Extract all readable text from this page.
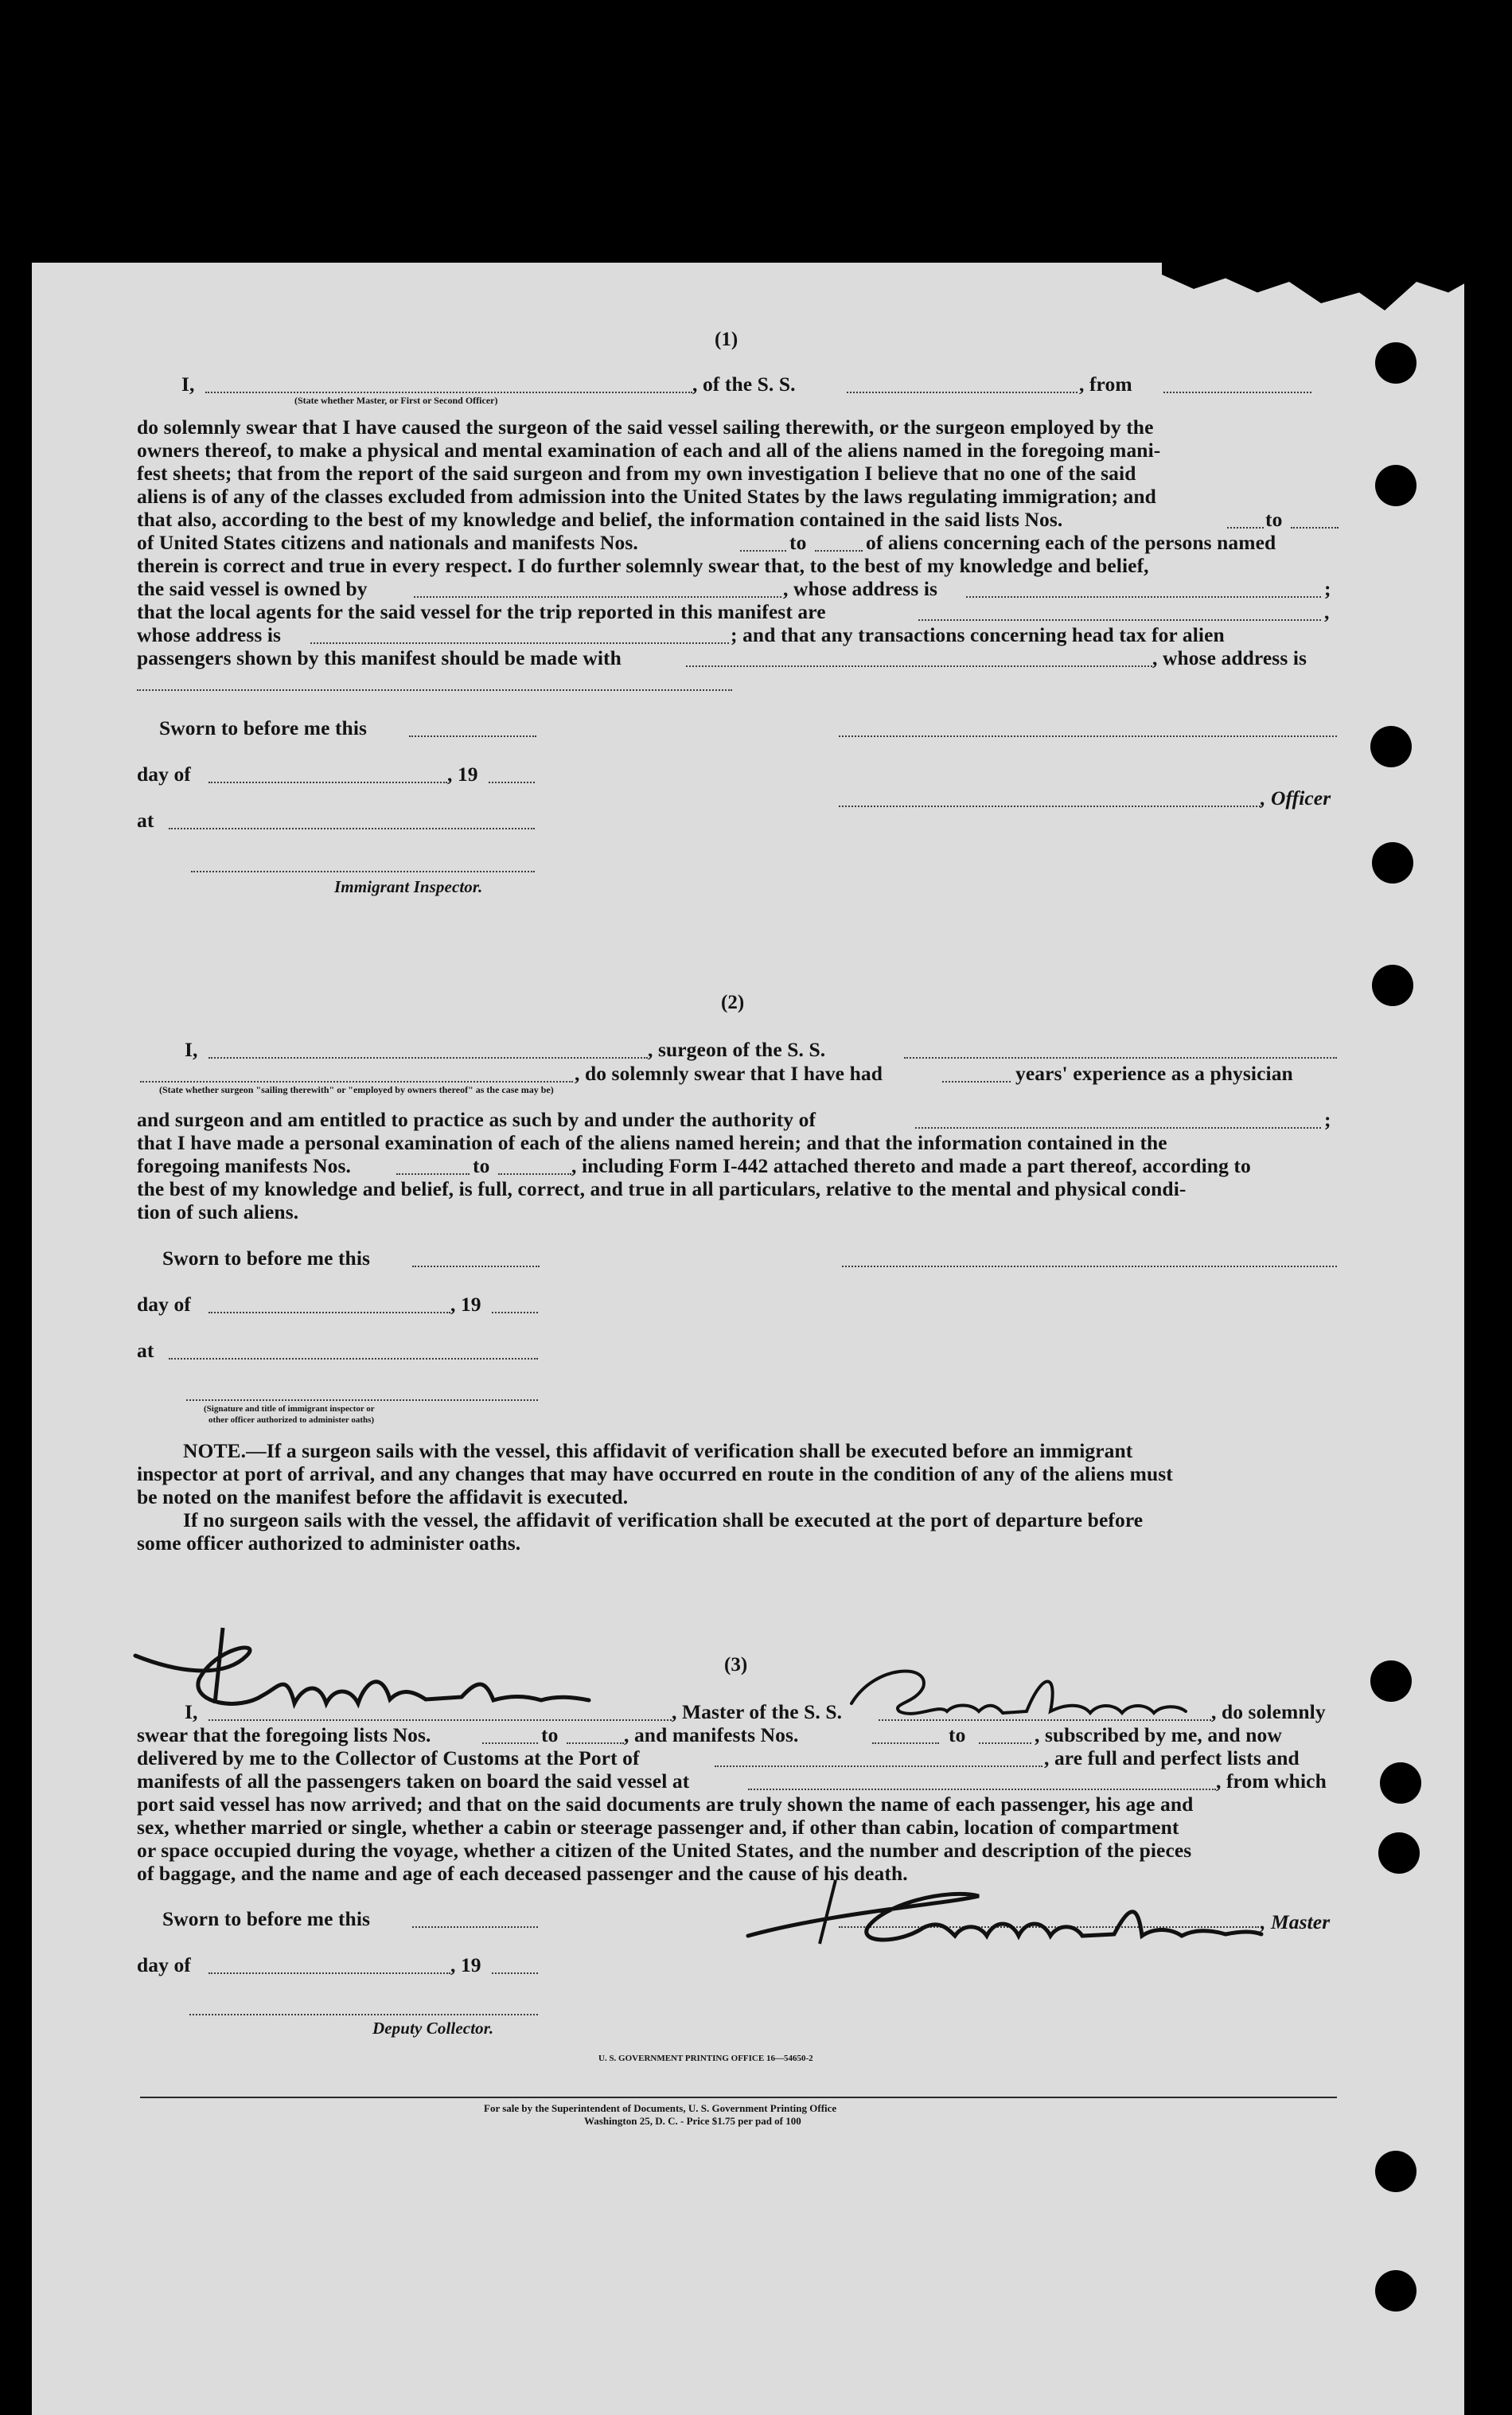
(1)
I,	, of the S. S.	, from
(State whether Master, or First or Second Officer)
do solemnly swear that I have caused the surgeon of the said vessel sailing therewith, or the surgeon employed by the
owners thereof, to make a physical and mental examination of each and all of the aliens named in the foregoing mani-
fest sheets; that from the report of the said surgeon and from my own investigation I believe that no one of the said
aliens is of any of the classes excluded from admission into the United States by the laws regulating immigration; and
that also, according to the best of my knowledge and belief, the information contained in the said lists Nos.	to
of United States citizens and nationals and manifests Nos.	to	of aliens concerning each of the persons named
therein is correct and true in every respect. I do further solemnly swear that, to the best of my knowledge and belief,
the said vessel is owned by	, whose address is	;
that the local agents for the said vessel for the trip reported in this manifest are	,
whose address is	; and that any transactions concerning head tax for alien
passengers shown by this manifest should be made with	, whose address is
Sworn to before me this
day of	, 19
, Officer
at
Immigrant Inspector.
(2)
I,	, surgeon of the S. S.
, do solemnly swear that I have had	years' experience as a physician
(State whether surgeon "sailing therewith" or "employed by owners thereof" as the case may be)
and surgeon and am entitled to practice as such by and under the authority of	;
that I have made a personal examination of each of the aliens named herein; and that the information contained in the
foregoing manifests Nos.	to	, including Form I-442 attached thereto and made a part thereof, according to
the best of my knowledge and belief, is full, correct, and true in all particulars, relative to the mental and physical condi-
tion of such aliens.
Sworn to before me this
day of	, 19
at
(Signature and title of immigrant inspector or
other officer authorized to administer oaths)
NOTE.—If a surgeon sails with the vessel, this affidavit of verification shall be executed before an immigrant
inspector at port of arrival, and any changes that may have occurred en route in the condition of any of the aliens must
be noted on the manifest before the affidavit is executed.
If no surgeon sails with the vessel, the affidavit of verification shall be executed at the port of departure before
some officer authorized to administer oaths.
(3)
I,	, Master of the S. S.	, do solemnly
swear that the foregoing lists Nos.	to	, and manifests Nos.	to	, subscribed by me, and now
delivered by me to the Collector of Customs at the Port of	, are full and perfect lists and
manifests of all the passengers taken on board the said vessel at	, from which
port said vessel has now arrived; and that on the said documents are truly shown the name of each passenger, his age and
sex, whether married or single, whether a cabin or steerage passenger and, if other than cabin, location of compartment
or space occupied during the voyage, whether a citizen of the United States, and the number and description of the pieces
of baggage, and the name and age of each deceased passenger and the cause of his death.
Sworn to before me this	, Master
day of	, 19
Deputy Collector.
U. S. GOVERNMENT PRINTING OFFICE 16—54650-2
For sale by the Superintendent of Documents, U. S. Government Printing Office
Washington 25, D. C. - Price $1.75 per pad of 100
